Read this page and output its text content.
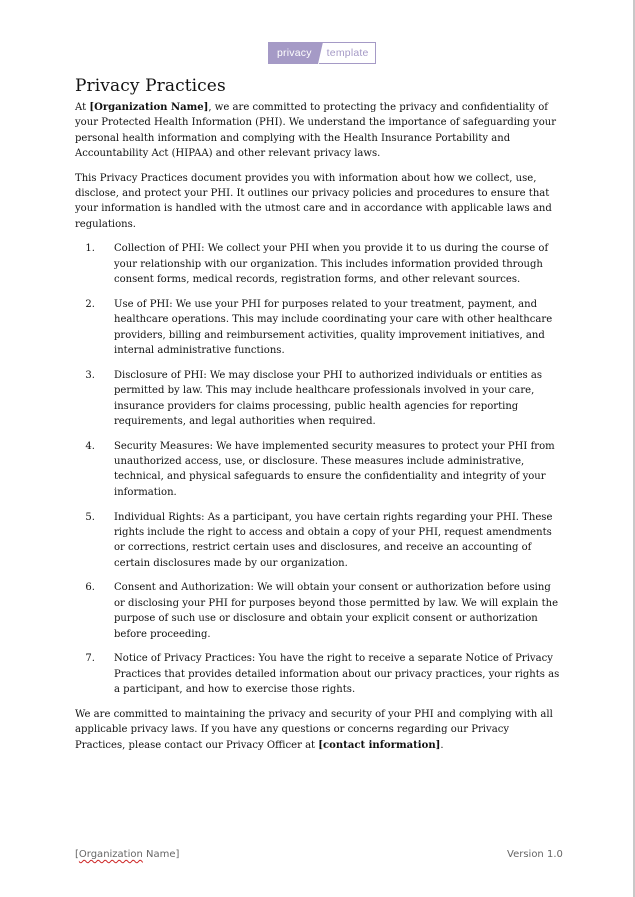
privacy	template
Privacy Practices

At [Organization Name], we are committed to protecting the privacy and confidentiality of your Protected Health Information (PHI). We understand the importance of safeguarding your personal health information and complying with the Health Insurance Portability and Accountability Act (HIPAA) and other relevant privacy laws.

This Privacy Practices document provides you with information about how we collect, use, disclose, and protect your PHI. It outlines our privacy policies and procedures to ensure that your information is handled with the utmost care and in accordance with applicable laws and regulations.

1. Collection of PHI: We collect your PHI when you provide it to us during the course of your relationship with our organization. This includes information provided through consent forms, medical records, registration forms, and other relevant sources.
2. Use of PHI: We use your PHI for purposes related to your treatment, payment, and healthcare operations. This may include coordinating your care with other healthcare providers, billing and reimbursement activities, quality improvement initiatives, and internal administrative functions.
3. Disclosure of PHI: We may disclose your PHI to authorized individuals or entities as permitted by law. This may include healthcare professionals involved in your care, insurance providers for claims processing, public health agencies for reporting requirements, and legal authorities when required.
4. Security Measures: We have implemented security measures to protect your PHI from unauthorized access, use, or disclosure. These measures include administrative, technical, and physical safeguards to ensure the confidentiality and integrity of your information.
5. Individual Rights: As a participant, you have certain rights regarding your PHI. These rights include the right to access and obtain a copy of your PHI, request amendments or corrections, restrict certain uses and disclosures, and receive an accounting of certain disclosures made by our organization.
6. Consent and Authorization: We will obtain your consent or authorization before using or disclosing your PHI for purposes beyond those permitted by law. We will explain the purpose of such use or disclosure and obtain your explicit consent or authorization before proceeding.
7. Notice of Privacy Practices: You have the right to receive a separate Notice of Privacy Practices that provides detailed information about our privacy practices, your rights as a participant, and how to exercise those rights.

We are committed to maintaining the privacy and security of your PHI and complying with all applicable privacy laws. If you have any questions or concerns regarding our Privacy Practices, please contact our Privacy Officer at [contact information].

[Organization Name]	Version 1.0
